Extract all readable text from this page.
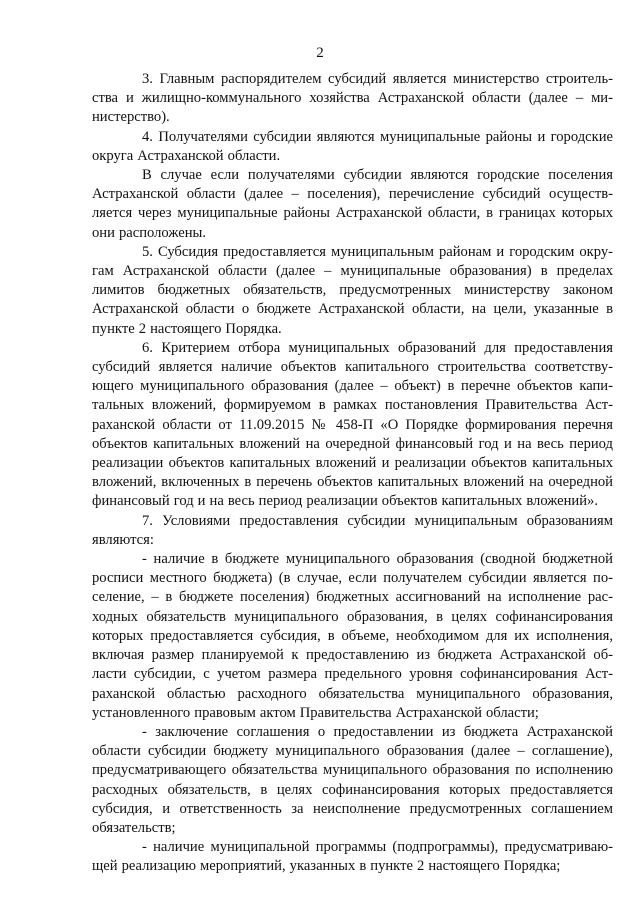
2

3. Главным распорядителем субсидий является министерство строительства и жилищно-коммунального хозяйства Астраханской области (далее – министерство).

4. Получателями субсидии являются муниципальные районы и городские округа Астраханской области.

В случае если получателями субсидии являются городские поселения Астраханской области (далее – поселения), перечисление субсидий осуществляется через муниципальные районы Астраханской области, в границах которых они расположены.

5. Субсидия предоставляется муниципальным районам и городским округам Астраханской области (далее – муниципальные образования) в пределах лимитов бюджетных обязательств, предусмотренных министерству законом Астраханской области о бюджете Астраханской области, на цели, указанные в пункте 2 настоящего Порядка.

6. Критерием отбора муниципальных образований для предоставления субсидий является наличие объектов капитального строительства соответствующего муниципального образования (далее – объект) в перечне объектов капитальных вложений, формируемом в рамках постановления Правительства Астраханской области от 11.09.2015 № 458-П «О Порядке формирования перечня объектов капитальных вложений на очередной финансовый год и на весь период реализации объектов капитальных вложений и реализации объектов капитальных вложений, включенных в перечень объектов капитальных вложений на очередной финансовый год и на весь период реализации объектов капитальных вложений».

7. Условиями предоставления субсидии муниципальным образованиям являются:

- наличие в бюджете муниципального образования (сводной бюджетной росписи местного бюджета) (в случае, если получателем субсидии является поселение, – в бюджете поселения) бюджетных ассигнований на исполнение расходных обязательств муниципального образования, в целях софинансирования которых предоставляется субсидия, в объеме, необходимом для их исполнения, включая размер планируемой к предоставлению из бюджета Астраханской области субсидии, с учетом размера предельного уровня софинансирования Астраханской областью расходного обязательства муниципального образования, установленного правовым актом Правительства Астраханской области;

- заключение соглашения о предоставлении из бюджета Астраханской области субсидии бюджету муниципального образования (далее – соглашение), предусматривающего обязательства муниципального образования по исполнению расходных обязательств, в целях софинансирования которых предоставляется субсидия, и ответственность за неисполнение предусмотренных соглашением обязательств;

- наличие муниципальной программы (подпрограммы), предусматривающей реализацию мероприятий, указанных в пункте 2 настоящего Порядка;
